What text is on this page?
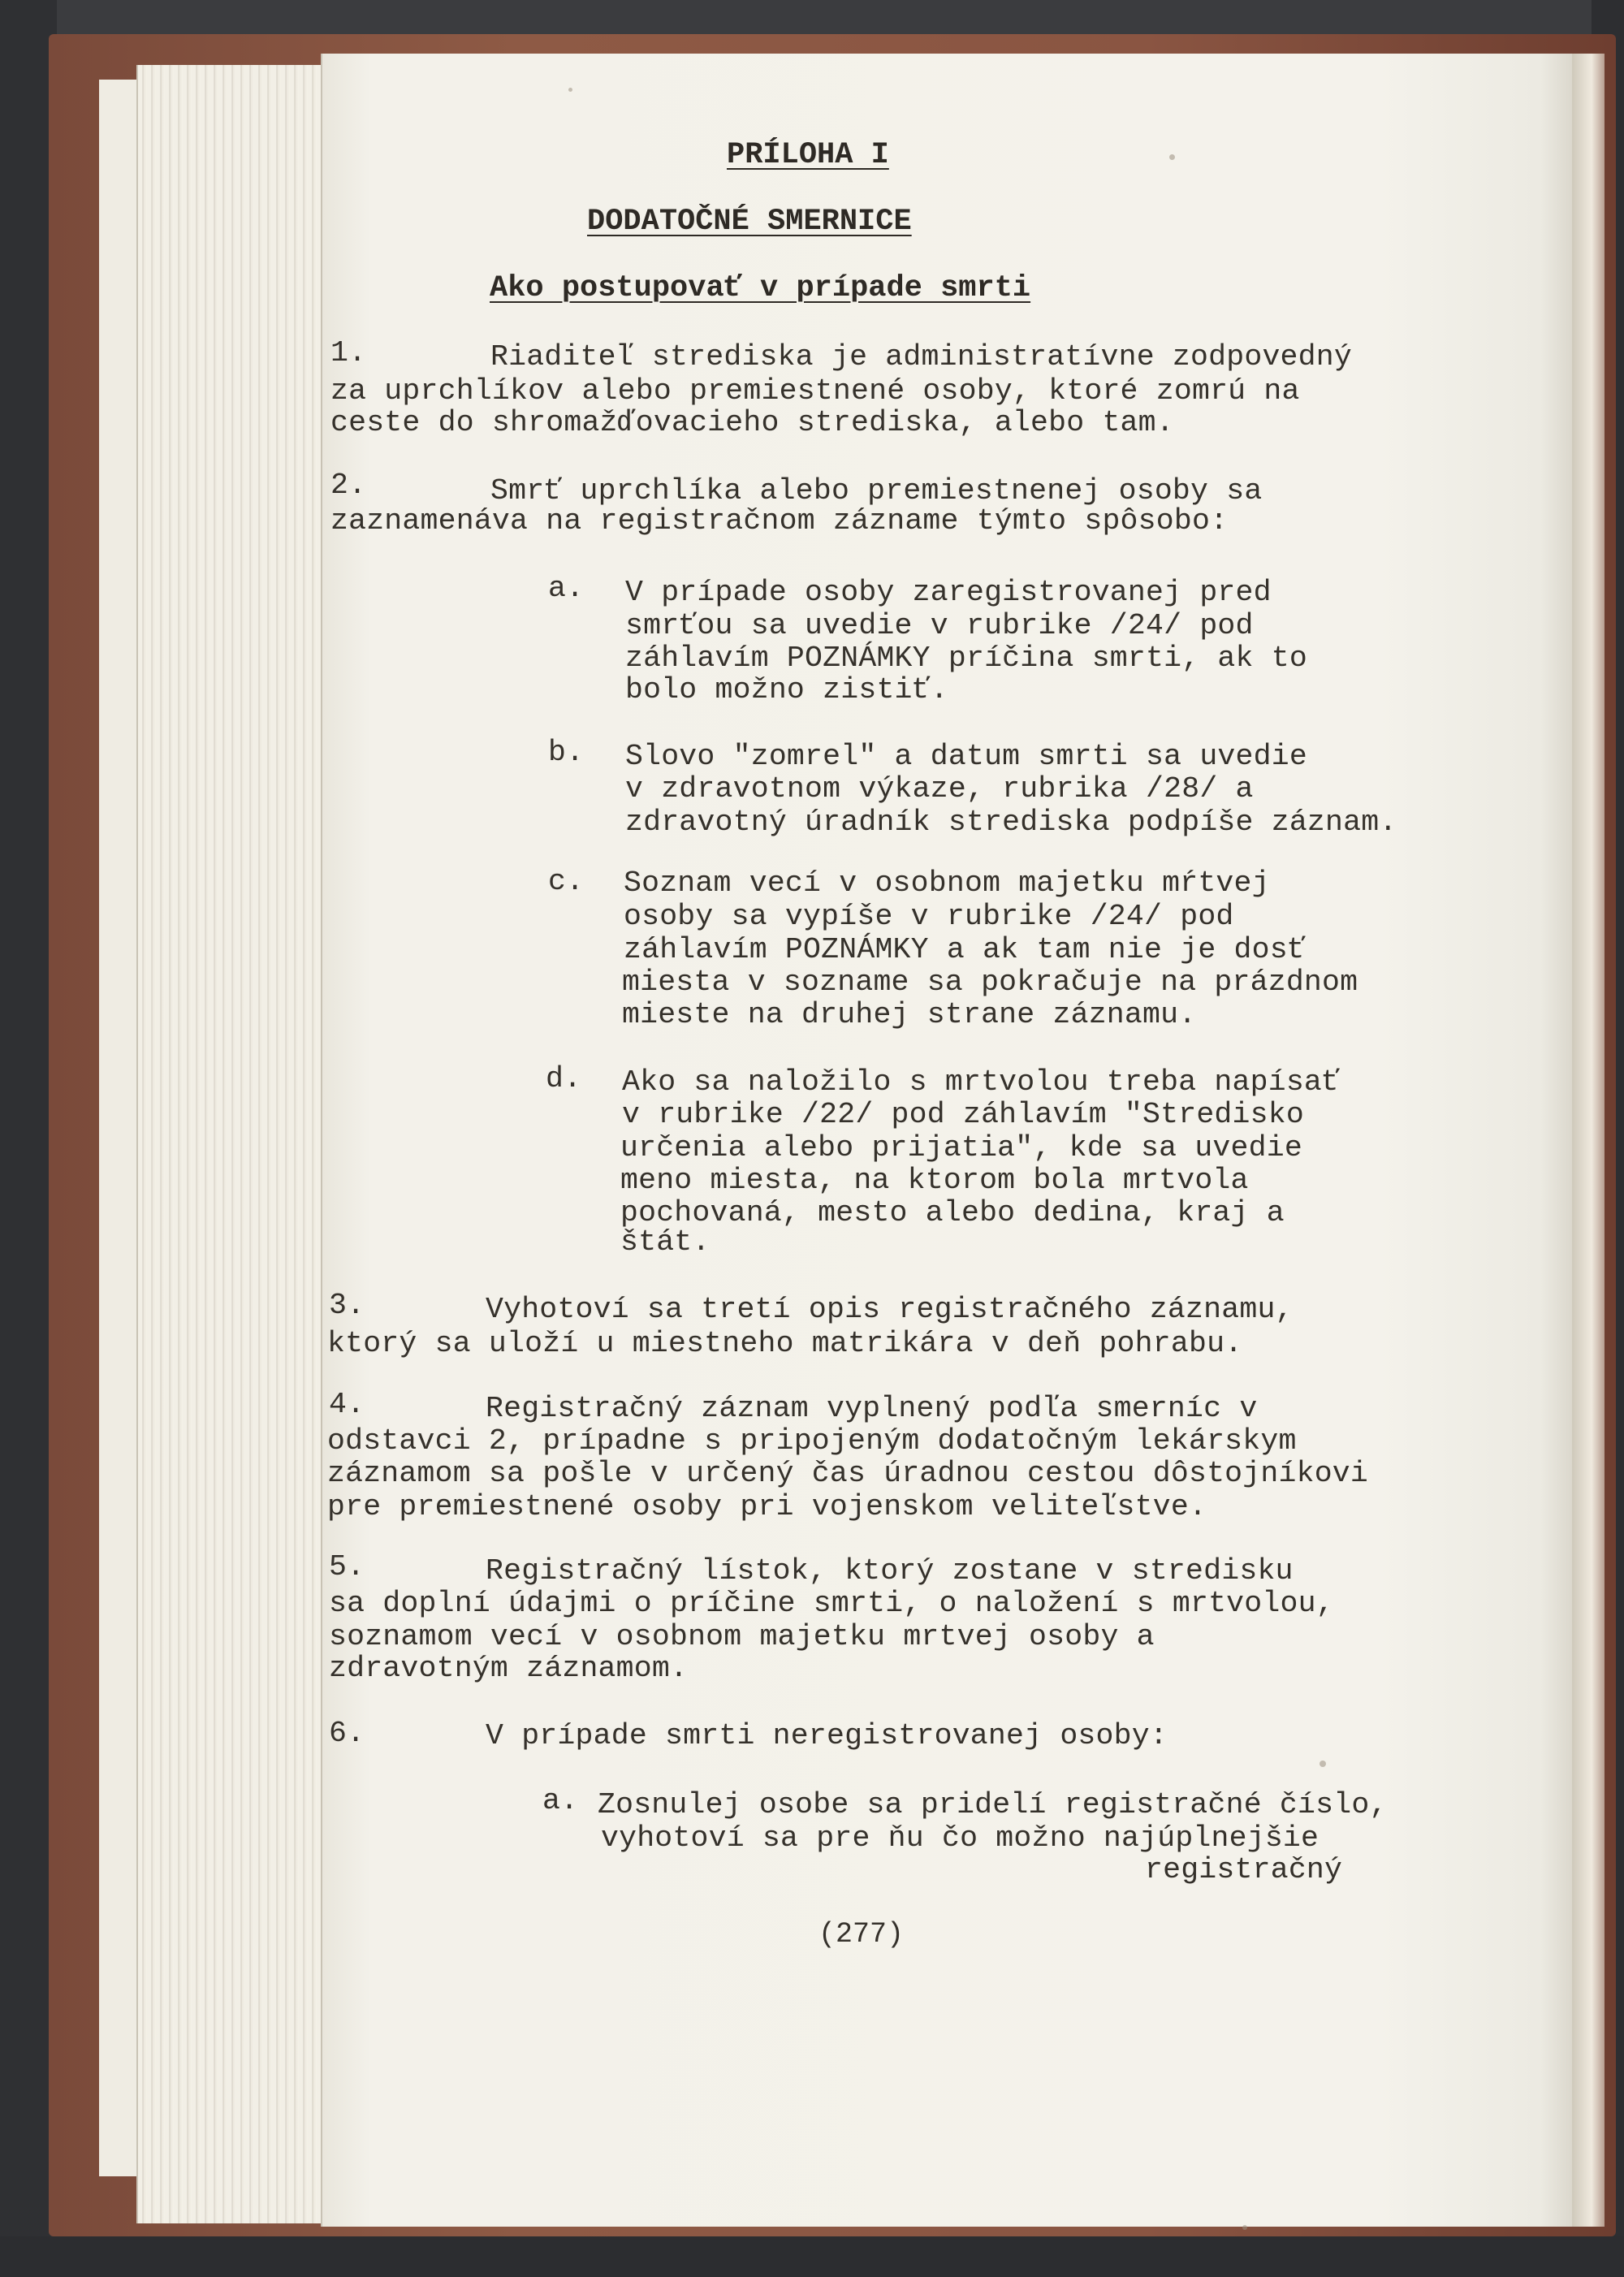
PRÍLOHA I

DODATOČNÉ SMERNICE

Ako postupovať v prípade smrti

1.	Riaditeľ strediska je administratívne zodpovedný

za uprchlíkov alebo premiestnené osoby, ktoré zomrú na

ceste do shromažďovacieho strediska, alebo tam.

2.	Smrť uprchlíka alebo premiestnenej osoby sa

zaznamenáva na registračnom zázname týmto spôsobo:

a. V prípade osoby zaregistrovanej pred

smrťou sa uvedie v rubrike /24/ pod

záhlavím POZNÁMKY príčina smrti, ak to

bolo možno zistiť.

b. Slovo "zomrel" a datum smrti sa uvedie

v zdravotnom výkaze, rubrika /28/ a

zdravotný úradník strediska podpíše záznam.

c. Soznam vecí v osobnom majetku mŕtvej

osoby sa vypíše v rubrike /24/ pod

záhlavím POZNÁMKY a ak tam nie je dosť

miesta v sozname sa pokračuje na prázdnom

mieste na druhej strane záznamu.

d. Ako sa naložilo s mrtvolou treba napísať

v rubrike /22/ pod záhlavím "Stredisko

určenia alebo prijatia", kde sa uvedie

meno miesta, na ktorom bola mrtvola

pochovaná, mesto alebo dedina, kraj a

štát.

3.	Vyhotoví sa tretí opis registračného záznamu,

ktorý sa uloží u miestneho matrikára v deň pohrabu.

4.	Registračný záznam vyplnený podľa smerníc v

odstavci 2, prípadne s pripojeným dodatočným lekárskym

záznamom sa pošle v určený čas úradnou cestou dôstojníkovi

pre premiestnené osoby pri vojenskom veliteľstve.

5.	Registračný lístok, ktorý zostane v stredisku

sa doplní údajmi o príčine smrti, o naložení s mrtvolou,

soznamom vecí v osobnom majetku mrtvej osoby a

zdravotným záznamom.

6.	V prípade smrti neregistrovanej osoby:

a. Zosnulej osobe sa pridelí registračné číslo,

vyhotoví sa pre ňu čo možno najúplnejšie

registračný

(277)
